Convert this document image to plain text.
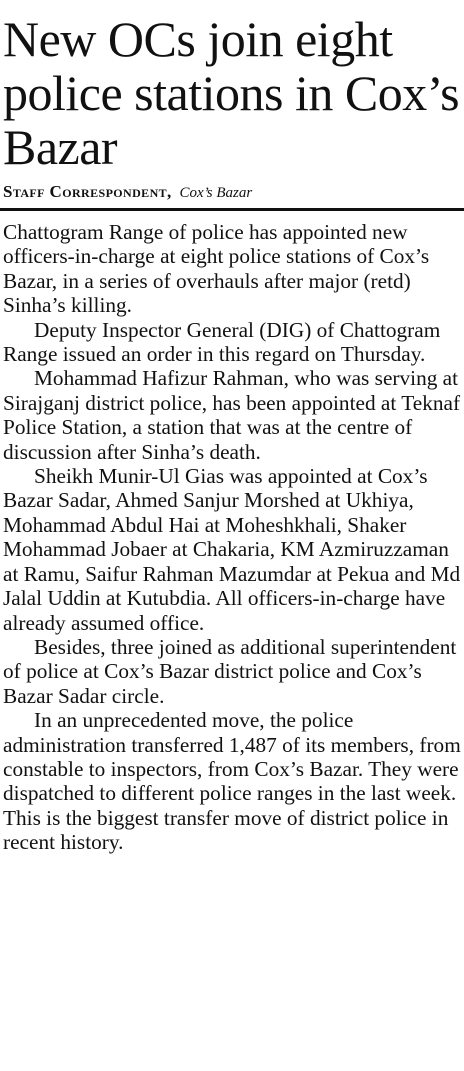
New OCs join eight police stations in Cox’s Bazar
Staff Correspondent, Cox’s Bazar

Chattogram Range of police has appointed new officers-in-charge at eight police stations of Cox’s Bazar, in a series of overhauls after major (retd) Sinha’s killing.

Deputy Inspector General (DIG) of Chattogram Range issued an order in this regard on Thursday.

Mohammad Hafizur Rahman, who was serving at Sirajganj district police, has been appointed at Teknaf Police Station, a station that was at the centre of discussion after Sinha’s death.

Sheikh Munir-Ul Gias was appointed at Cox’s Bazar Sadar, Ahmed Sanjur Morshed at Ukhiya, Mohammad Abdul Hai at Moheshkhali, Shaker Mohammad Jobaer at Chakaria, KM Azmiruzzaman at Ramu, Saifur Rahman Mazumdar at Pekua and Md Jalal Uddin at Kutubdia. All officers-in-charge have already assumed office.

Besides, three joined as additional superintendent of police at Cox’s Bazar district police and Cox’s Bazar Sadar circle.

In an unprecedented move, the police administration transferred 1,487 of its members, from constable to inspectors, from Cox’s Bazar. They were dispatched to different police ranges in the last week. This is the biggest transfer move of district police in recent history.
